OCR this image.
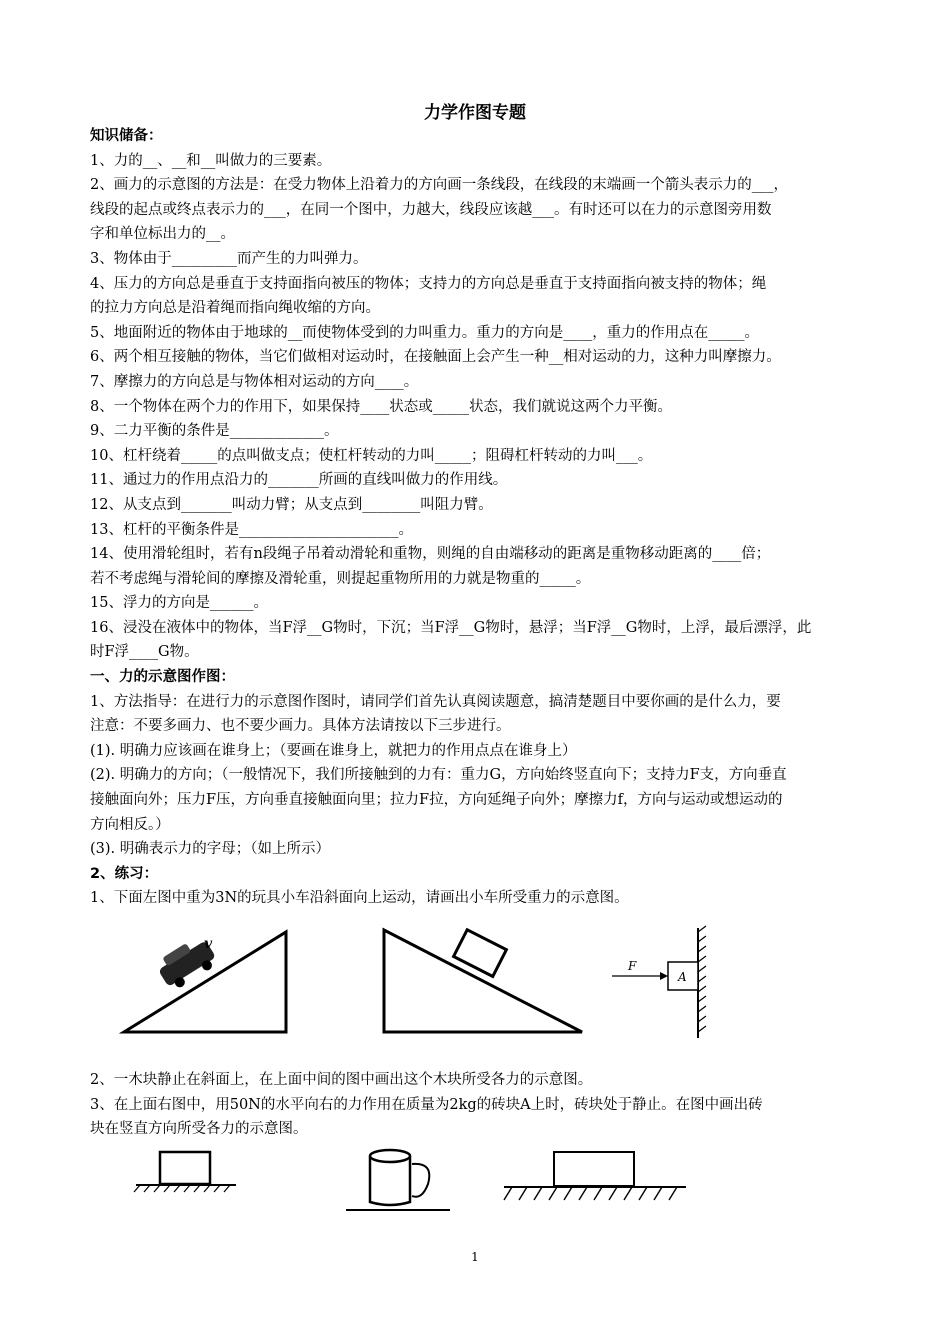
力学作图专题
知识储备：
1、力的__、__和__叫做力的三要素。
2、画力的示意图的方法是：在受力物体上沿着力的方向画一条线段，在线段的末端画一个箭头表示力的___，
线段的起点或终点表示力的___，在同一个图中，力越大，线段应该越___。有时还可以在力的示意图旁用数
字和单位标出力的__。
3、物体由于_________而产生的力叫弹力。
4、压力的方向总是垂直于支持面指向被压的物体；支持力的方向总是垂直于支持面指向被支持的物体；绳
的拉力方向总是沿着绳而指向绳收缩的方向。
5、地面附近的物体由于地球的__而使物体受到的力叫重力。重力的方向是____，重力的作用点在_____。
6、两个相互接触的物体，当它们做相对运动时，在接触面上会产生一种__相对运动的力，这种力叫摩擦力。
7、摩擦力的方向总是与物体相对运动的方向____。
8、一个物体在两个力的作用下，如果保持____状态或_____状态，我们就说这两个力平衡。
9、二力平衡的条件是_____________。
10、杠杆绕着_____的点叫做支点；使杠杆转动的力叫_____；阻碍杠杆转动的力叫___。
11、通过力的作用点沿力的_______所画的直线叫做力的作用线。
12、从支点到_______叫动力臂；从支点到________叫阻力臂。
13、杠杆的平衡条件是______________________。
14、使用滑轮组时，若有n段绳子吊着动滑轮和重物，则绳的自由端移动的距离是重物移动距离的____倍；
若不考虑绳与滑轮间的摩擦及滑轮重，则提起重物所用的力就是物重的_____。
15、浮力的方向是______。
16、浸没在液体中的物体，当F浮__G物时，下沉；当F浮__G物时，悬浮；当F浮__G物时，上浮，最后漂浮，此
时F浮____G物。
一、力的示意图作图：
1、方法指导：在进行力的示意图作图时，请同学们首先认真阅读题意，搞清楚题目中要你画的是什么力，要
注意：不要多画力、也不要少画力。具体方法请按以下三步进行。
(1). 明确力应该画在谁身上；（要画在谁身上，就把力的作用点点在谁身上）
(2). 明确力的方向；（一般情况下，我们所接触到的力有：重力G，方向始终竖直向下；支持力F支，方向垂直
接触面向外；压力F压，方向垂直接触面向里；拉力F拉，方向延绳子向外；摩擦力f，方向与运动或想运动的
方向相反。）
(3). 明确表示力的字母；（如上所示）
2、练习：
1、下面左图中重为3N的玩具小车沿斜面向上运动，请画出小车所受重力的示意图。
v
A
F
2、一木块静止在斜面上，在上面中间的图中画出这个木块所受各力的示意图。
3、在上面右图中，用50N的水平向右的力作用在质量为2kg的砖块A上时，砖块处于静止。在图中画出砖
块在竖直方向所受各力的示意图。
1
